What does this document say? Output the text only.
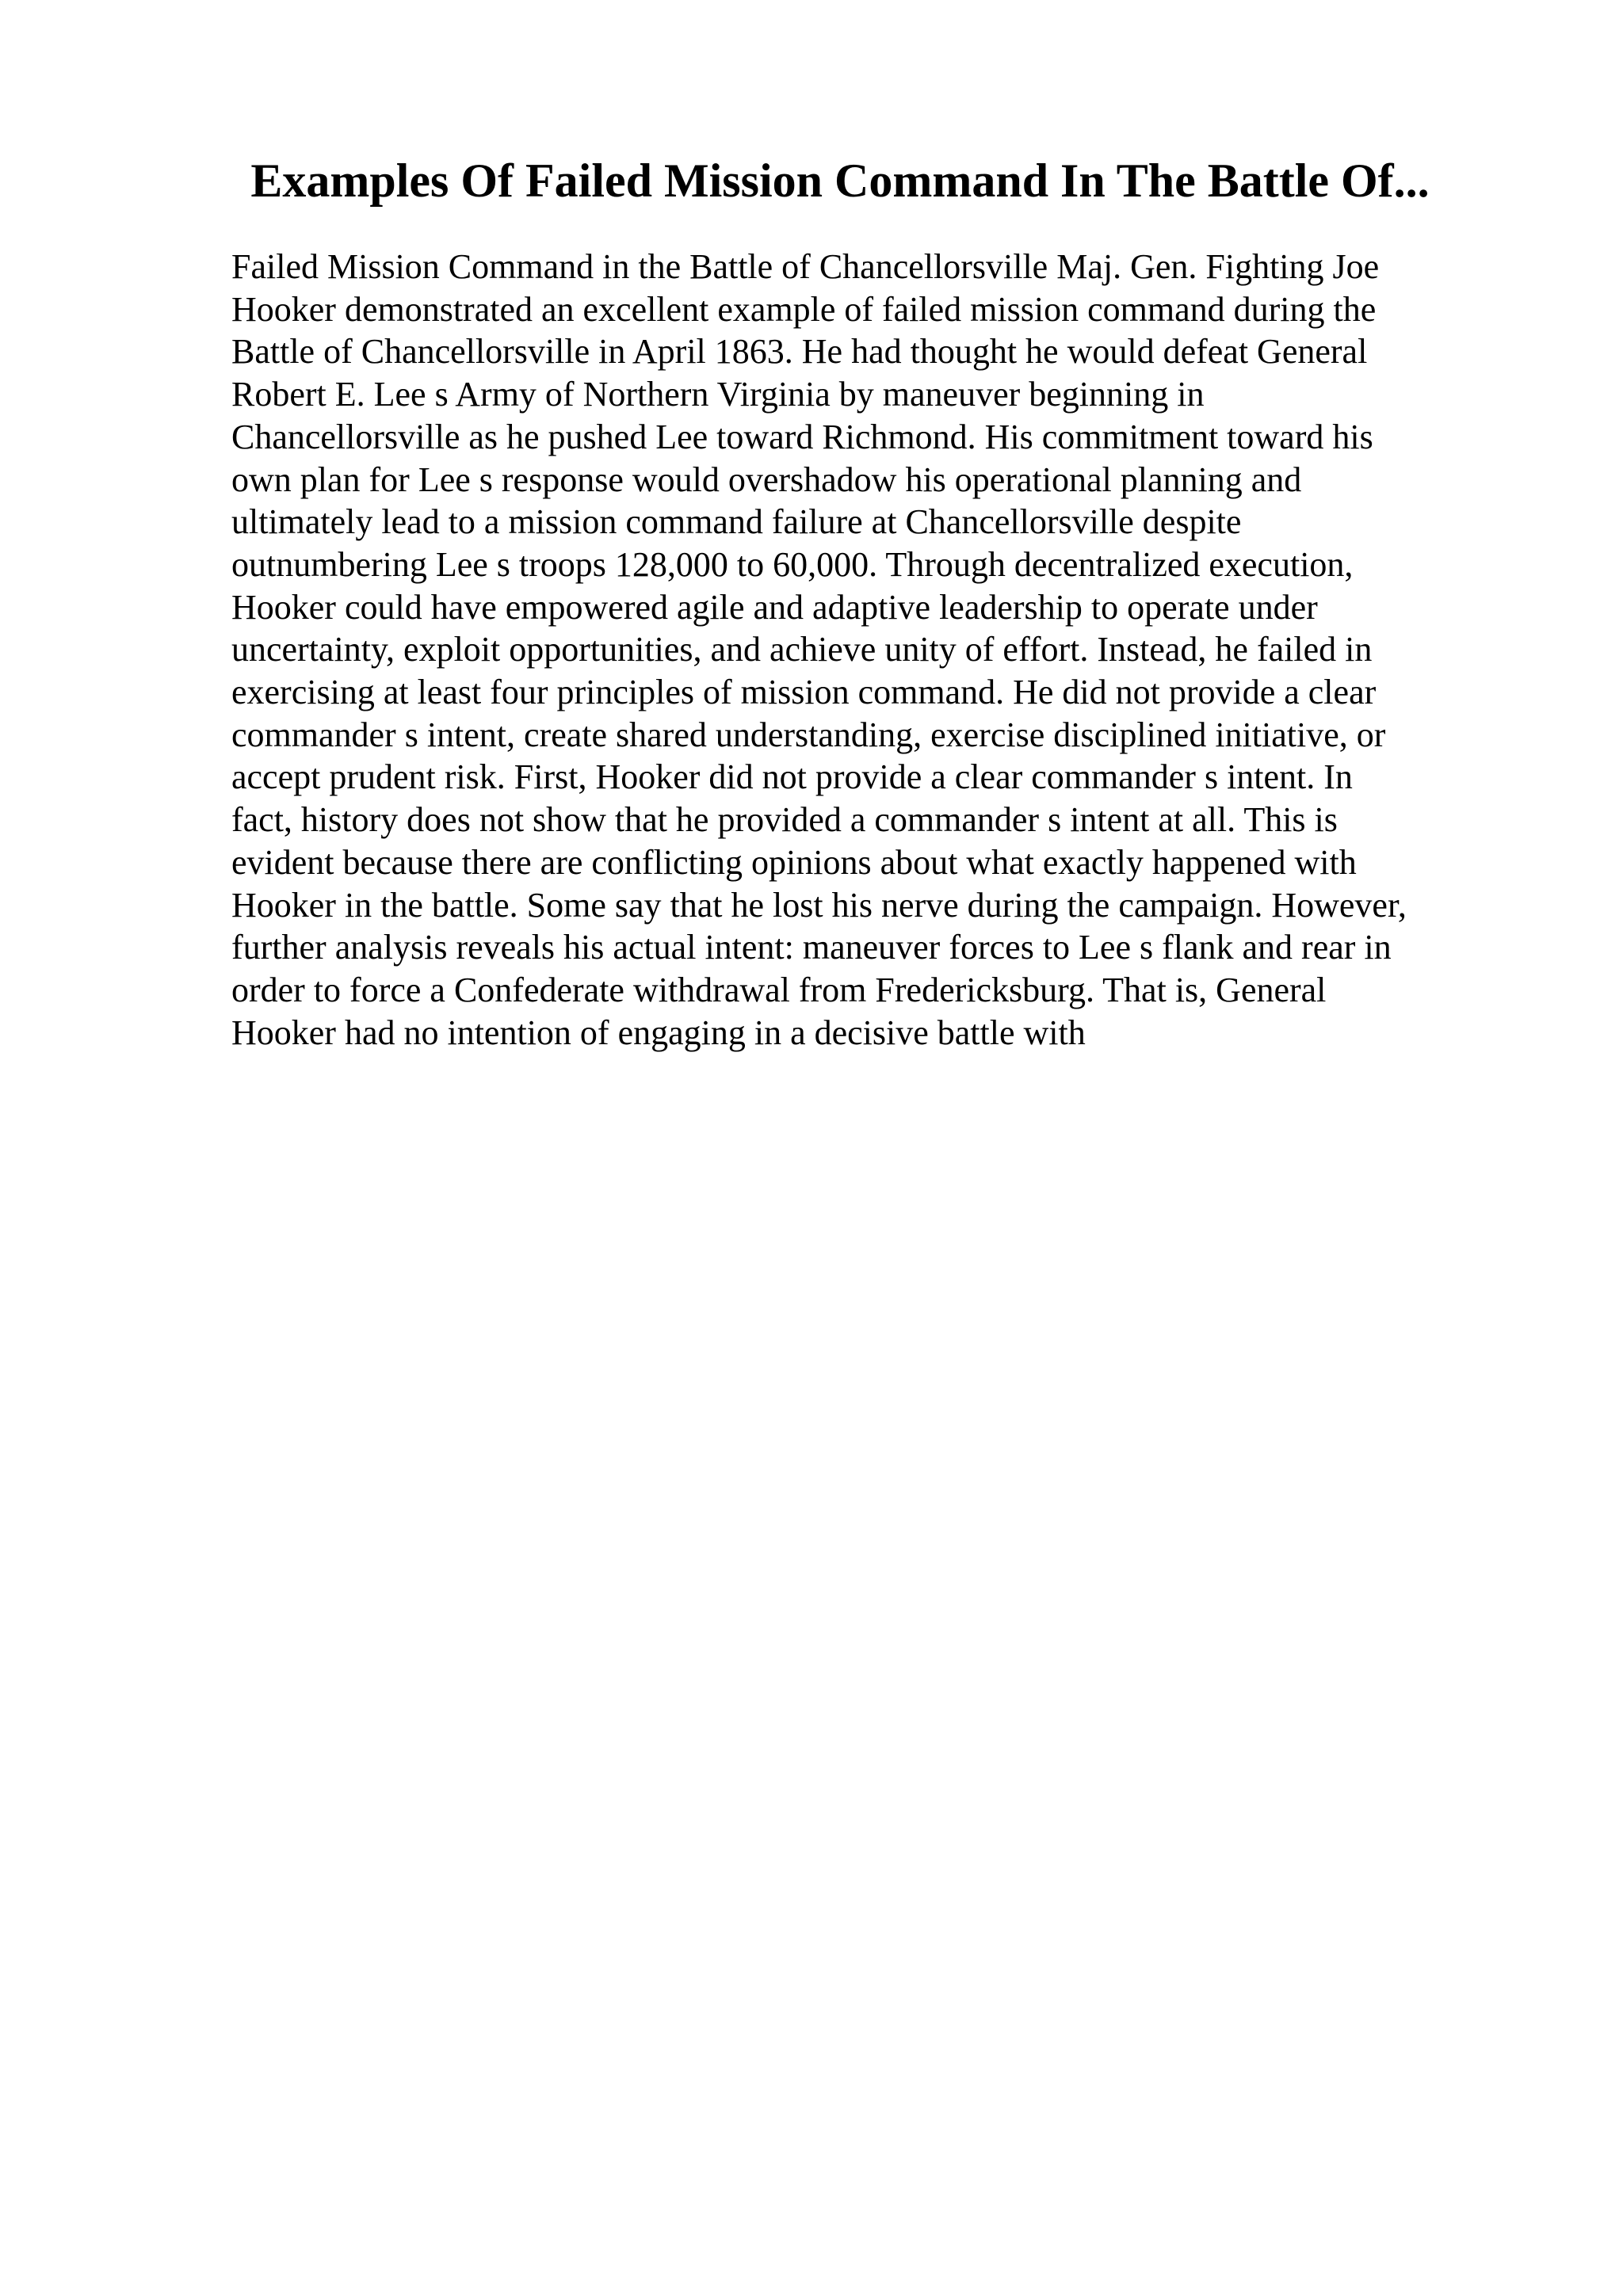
Examples Of Failed Mission Command In The Battle Of...

Failed Mission Command in the Battle of Chancellorsville Maj. Gen. Fighting Joe
Hooker demonstrated an excellent example of failed mission command during the
Battle of Chancellorsville in April 1863. He had thought he would defeat General
Robert E. Lee s Army of Northern Virginia by maneuver beginning in
Chancellorsville as he pushed Lee toward Richmond. His commitment toward his
own plan for Lee s response would overshadow his operational planning and
ultimately lead to a mission command failure at Chancellorsville despite
outnumbering Lee s troops 128,000 to 60,000. Through decentralized execution,
Hooker could have empowered agile and adaptive leadership to operate under
uncertainty, exploit opportunities, and achieve unity of effort. Instead, he failed in
exercising at least four principles of mission command. He did not provide a clear
commander s intent, create shared understanding, exercise disciplined initiative, or
accept prudent risk. First, Hooker did not provide a clear commander s intent. In
fact, history does not show that he provided a commander s intent at all. This is
evident because there are conflicting opinions about what exactly happened with
Hooker in the battle. Some say that he lost his nerve during the campaign. However,
further analysis reveals his actual intent: maneuver forces to Lee s flank and rear in
order to force a Confederate withdrawal from Fredericksburg. That is, General
Hooker had no intention of engaging in a decisive battle with
